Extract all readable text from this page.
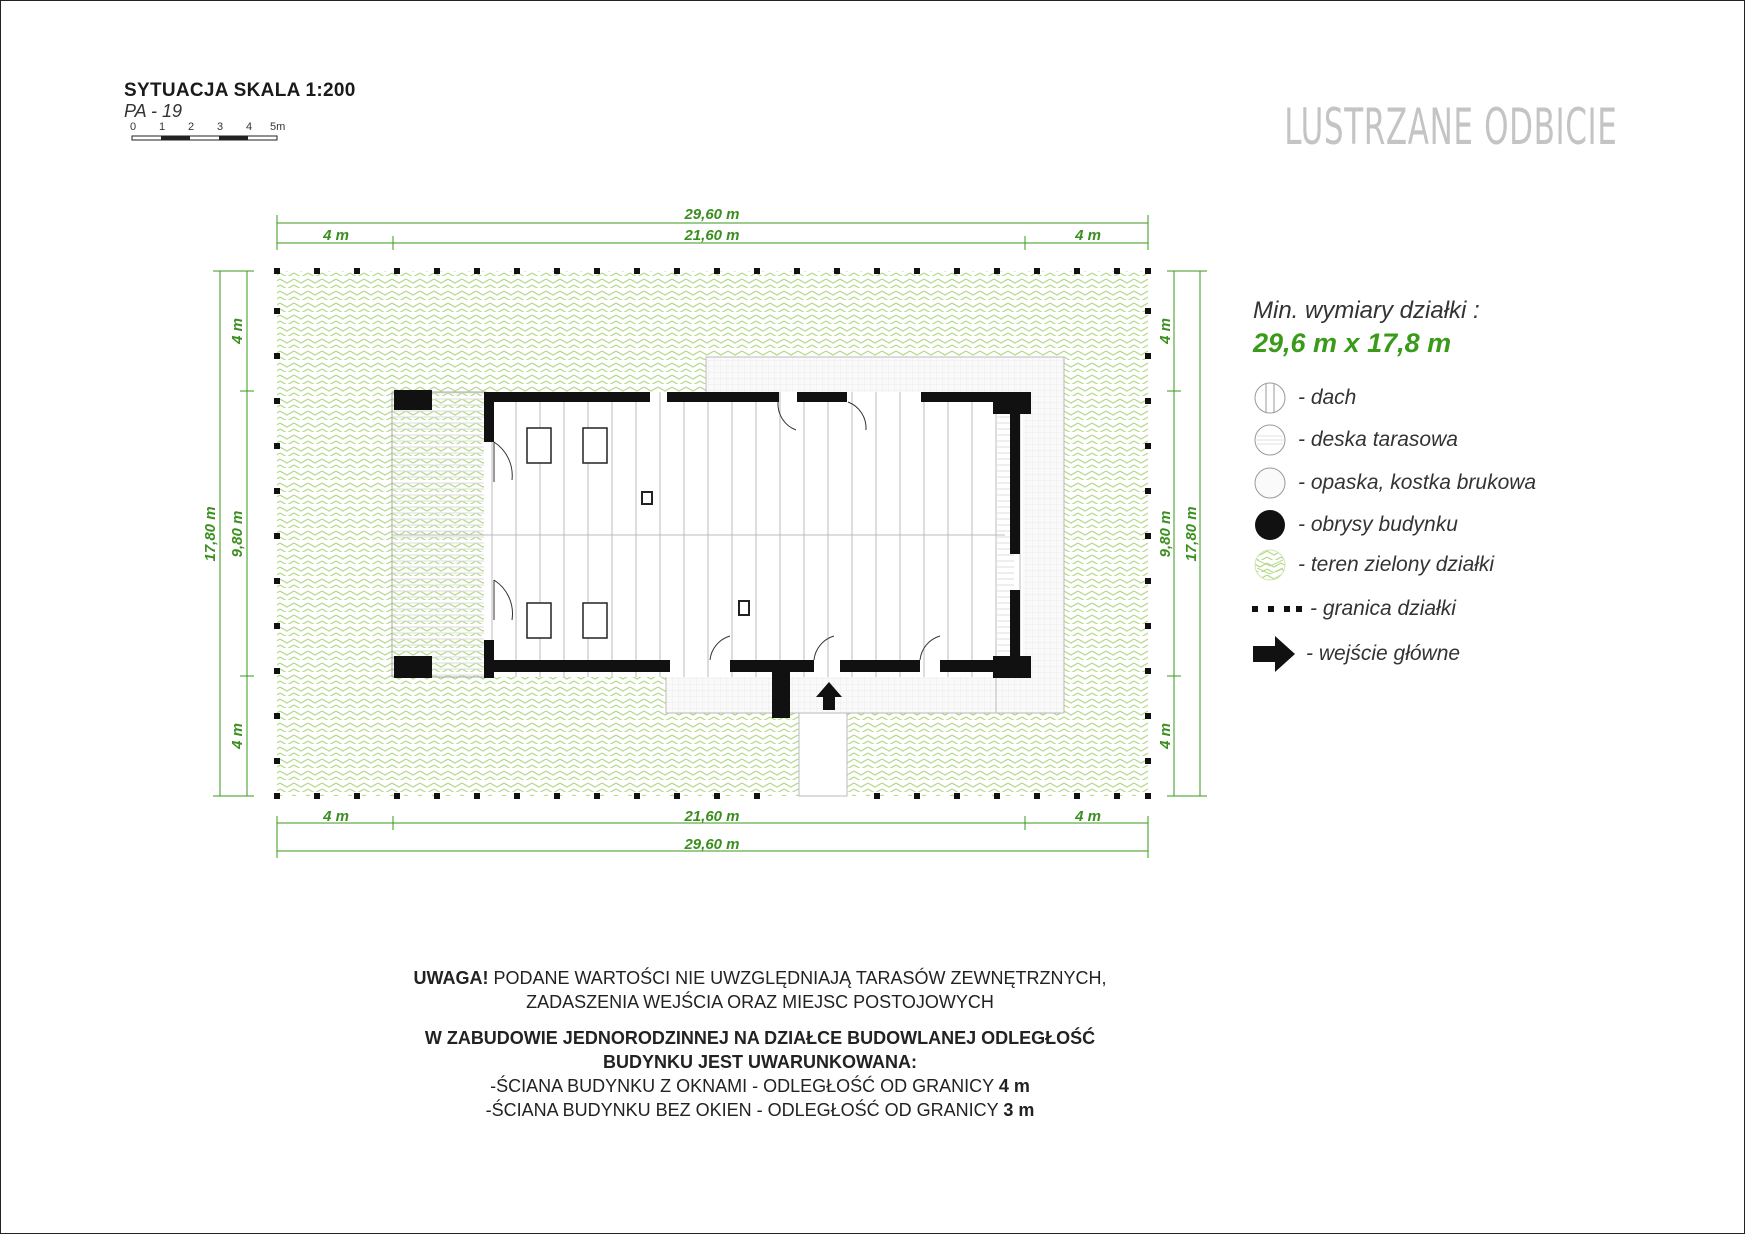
SYTUACJA SKALA 1:200
PA - 19
0 1 2 3 4 5m	LUSTRZANE ODBICIE
29,60 m
4 m	21,60 m	4 m
4 m	21,60 m	4 m
29,60 m
17,80 m
4 m
9,80 m
4 m
4 m
9,80 m
4 m
17,80 m
Min. wymiary działki :
29,6 m x 17,8 m
- dach
- deska tarasowa
- opaska, kostka brukowa
- obrysy budynku
- teren zielony działki
- granica działki
- wejście główne
UWAGA! PODANE WARTOŚCI NIE UWZGLĘDNIAJĄ TARASÓW ZEWNĘTRZNYCH,
ZADASZENIA WEJŚCIA ORAZ MIEJSC POSTOJOWYCH
W ZABUDOWIE JEDNORODZINNEJ NA DZIAŁCE BUDOWLANEJ ODLEGŁOŚĆ
BUDYNKU JEST UWARUNKOWANA:
-ŚCIANA BUDYNKU Z OKNAMI - ODLEGŁOŚĆ OD GRANICY 4 m
-ŚCIANA BUDYNKU BEZ OKIEN - ODLEGŁOŚĆ OD GRANICY 3 m
